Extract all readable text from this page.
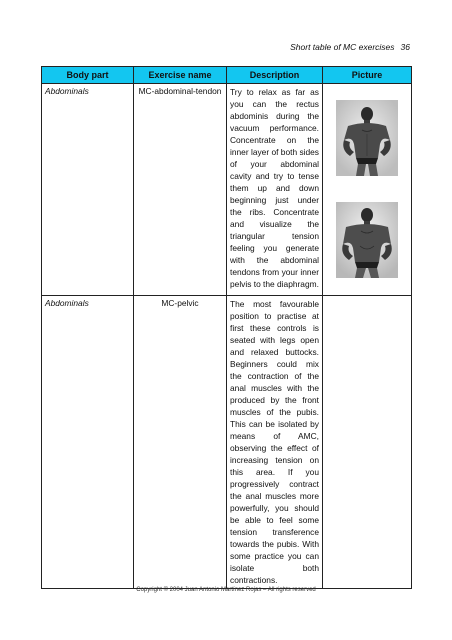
Short table of MC exercises 36
Body part	Exercise name	Description	Picture
Abdominals	MC-abdominal-tendon	Try to relax as far as you can the rectus abdominis during the vacuum performance. Concentrate on the inner layer of both sides of your abdominal cavity and try to tense them up and down beginning just under the ribs. Concentrate and visualize the triangular tension feeling you generate with the abdominal tendons from your inner pelvis to the diaphragm.	

Abdominals	MC-pelvic	The most favourable position to practise at first these controls is seated with legs open and relaxed buttocks. Beginners could mix the contraction of the anal muscles with the produced by the front muscles of the pubis. This can be isolated by means of AMC, observing the effect of increasing tension on this area. If you progressively contract the anal muscles more powerfully, you should be able to feel some tension transference towards the pubis. With some practice you can isolate both contractions.	
Copyright © 2004 Juan Antonio Martínez Rojas – All rights reserved
